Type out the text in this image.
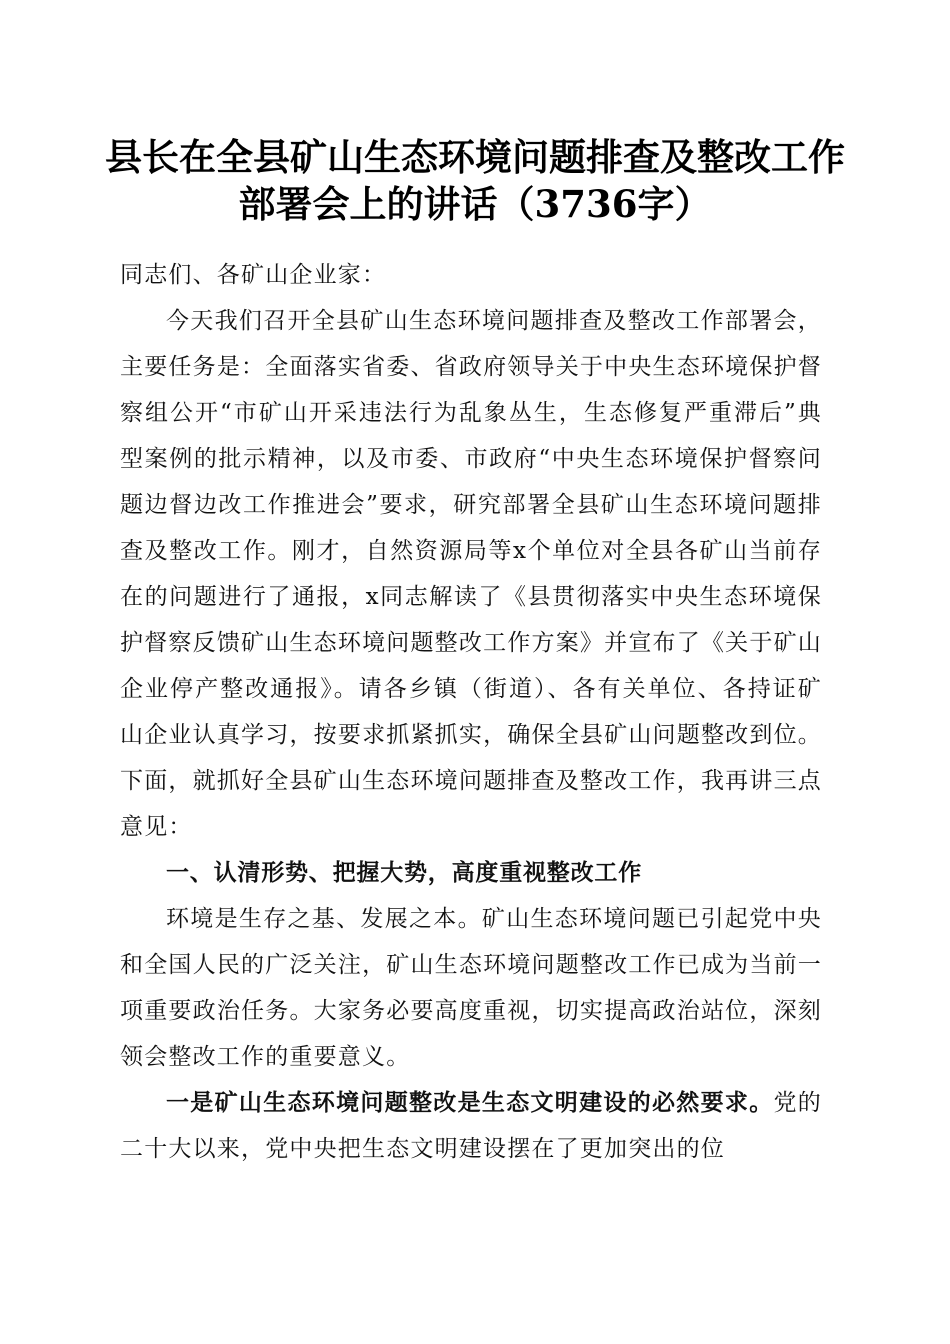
县长在全县矿山生态环境问题排查及整改工作
部署会上的讲话（3736字）

同志们、各矿山企业家：

今天我们召开全县矿山生态环境问题排查及整改工作部署会，主要任务是：全面落实省委、省政府领导关于中央生态环境保护督察组公开“市矿山开采违法行为乱象丛生，生态修复严重滞后”典型案例的批示精神，以及市委、市政府“中央生态环境保护督察问题边督边改工作推进会”要求，研究部署全县矿山生态环境问题排查及整改工作。刚才，自然资源局等x个单位对全县各矿山当前存在的问题进行了通报，x同志解读了《县贯彻落实中央生态环境保护督察反馈矿山生态环境问题整改工作方案》并宣布了《关于矿山企业停产整改通报》。请各乡镇（街道）、各有关单位、各持证矿山企业认真学习，按要求抓紧抓实，确保全县矿山问题整改到位。下面，就抓好全县矿山生态环境问题排查及整改工作，我再讲三点意见：

一、认清形势、把握大势，高度重视整改工作

环境是生存之基、发展之本。矿山生态环境问题已引起党中央和全国人民的广泛关注，矿山生态环境问题整改工作已成为当前一项重要政治任务。大家务必要高度重视，切实提高政治站位，深刻领会整改工作的重要意义。

一是矿山生态环境问题整改是生态文明建设的必然要求。党的二十大以来，党中央把生态文明建设摆在了更加突出的位
